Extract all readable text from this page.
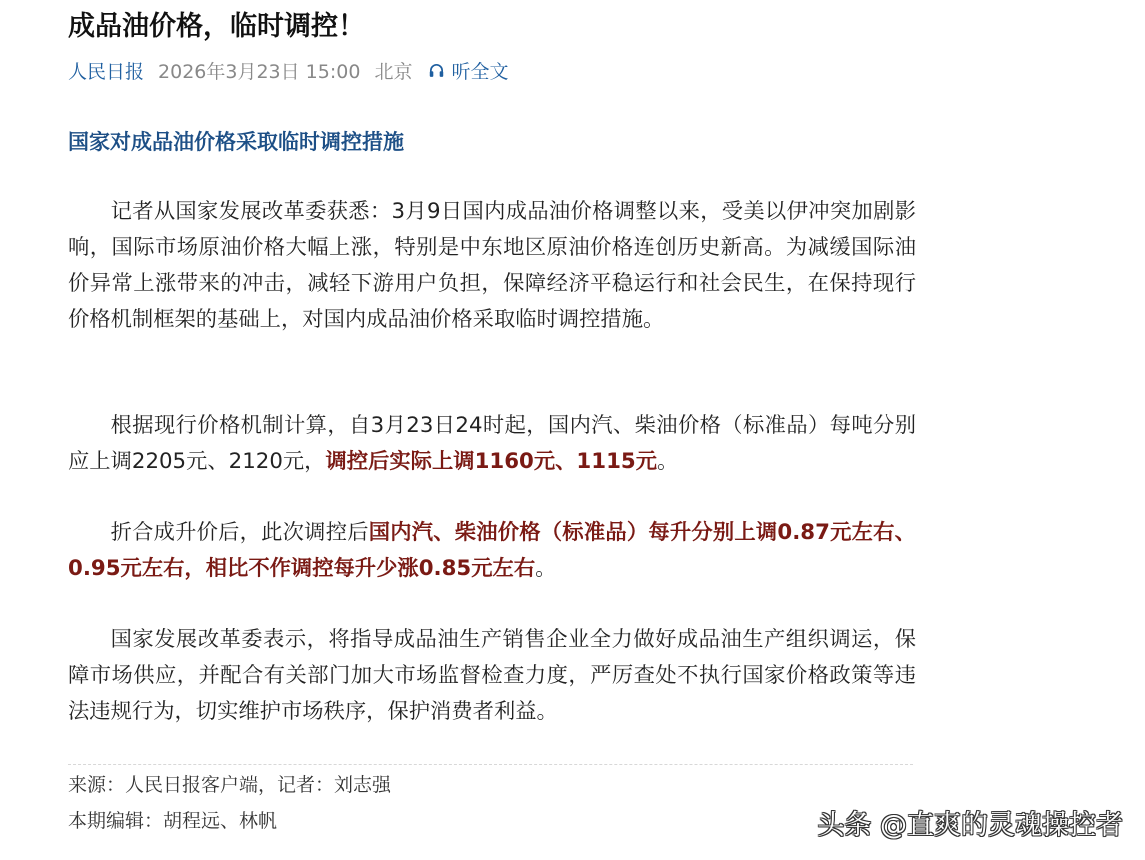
成品油价格，临时调控！
人民日报 2026年3月23日 15:00 北京 听全文
国家对成品油价格采取临时调控措施

记者从国家发展改革委获悉：3月9日国内成品油价格调整以来，受美以伊冲突加剧影响，国际市场原油价格大幅上涨，特别是中东地区原油价格连创历史新高。为减缓国际油价异常上涨带来的冲击，减轻下游用户负担，保障经济平稳运行和社会民生，在保持现行价格机制框架的基础上，对国内成品油价格采取临时调控措施。

根据现行价格机制计算，自3月23日24时起，国内汽、柴油价格（标准品）每吨分别应上调2205元、2120元，调控后实际上调1160元、1115元。

折合成升价后，此次调控后国内汽、柴油价格（标准品）每升分别上调0.87元左右、0.95元左右，相比不作调控每升少涨0.85元左右。

国家发展改革委表示，将指导成品油生产销售企业全力做好成品油生产组织调运，保障市场供应，并配合有关部门加大市场监督检查力度，严厉查处不执行国家价格政策等违法违规行为，切实维护市场秩序，保护消费者利益。

来源：人民日报客户端，记者：刘志强
本期编辑：胡程远、林帆	头条 @直爽的灵魂操控者
